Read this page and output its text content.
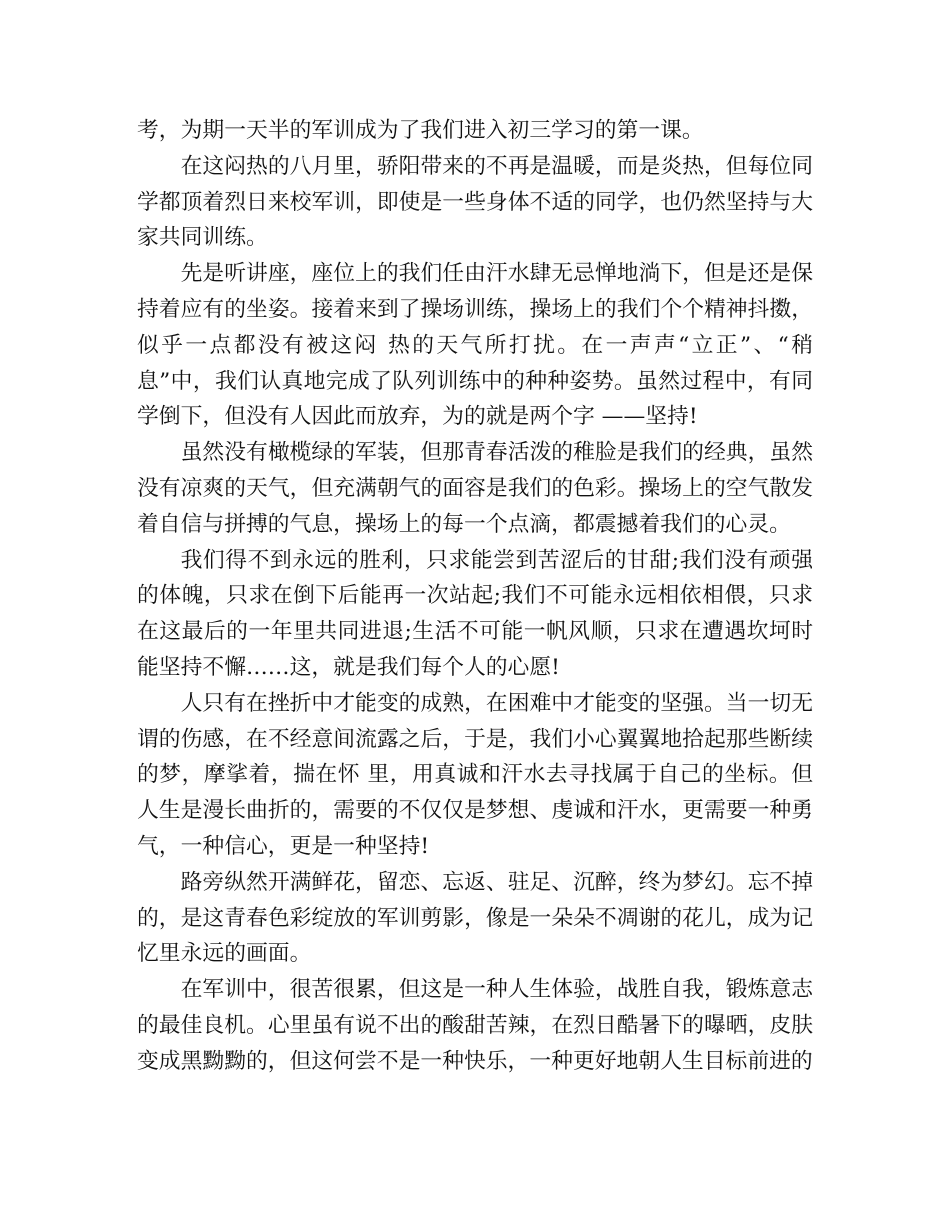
考，为期一天半的军训成为了我们进入初三学习的第一课。

在这闷热的八月里，骄阳带来的不再是温暖，而是炎热，但每位同学都顶着烈日来校军训，即使是一些身体不适的同学，也仍然坚持与大家共同训练。

先是听讲座，座位上的我们任由汗水肆无忌惮地淌下，但是还是保持着应有的坐姿。接着来到了操场训练，操场上的我们个个精神抖擞，似乎一点都没有被这闷 热的天气所打扰。在一声声“立正”、“稍息”中，我们认真地完成了队列训练中的种种姿势。虽然过程中，有同学倒下，但没有人因此而放弃，为的就是两个字 ——坚持!

虽然没有橄榄绿的军装，但那青春活泼的稚脸是我们的经典，虽然没有凉爽的天气，但充满朝气的面容是我们的色彩。操场上的空气散发着自信与拼搏的气息，操场上的每一个点滴，都震撼着我们的心灵。

我们得不到永远的胜利，只求能尝到苦涩后的甘甜;我们没有顽强的体魄，只求在倒下后能再一次站起;我们不可能永远相依相偎，只求在这最后的一年里共同进退;生活不可能一帆风顺，只求在遭遇坎坷时能坚持不懈……这，就是我们每个人的心愿!

人只有在挫折中才能变的成熟，在困难中才能变的坚强。当一切无谓的伤感，在不经意间流露之后，于是，我们小心翼翼地拾起那些断续的梦，摩挲着，揣在怀 里，用真诚和汗水去寻找属于自己的坐标。但人生是漫长曲折的，需要的不仅仅是梦想、虔诚和汗水，更需要一种勇气，一种信心，更是一种坚持!

路旁纵然开满鲜花，留恋、忘返、驻足、沉醉，终为梦幻。忘不掉的，是这青春色彩绽放的军训剪影，像是一朵朵不凋谢的花儿，成为记忆里永远的画面。

在军训中，很苦很累，但这是一种人生体验，战胜自我，锻炼意志的最佳良机。心里虽有说不出的酸甜苦辣，在烈日酷暑下的曝晒，皮肤变成黑黝黝的，但这何尝不是一种快乐，一种更好地朝人生目标前进的
